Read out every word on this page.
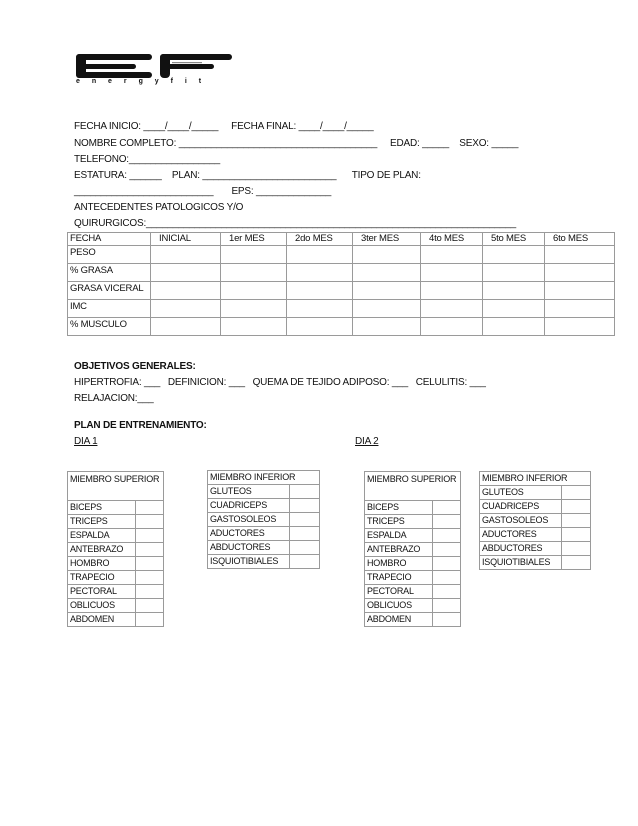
e n e r g y f i t
FECHA INICIO: ____/____/_____     FECHA FINAL: ____/____/_____
NOMBRE COMPLETO: _____________________________________     EDAD: _____    SEXO: _____
TELEFONO:_________________
ESTATURA: ______    PLAN: _________________________      TIPO DE PLAN:
__________________________       EPS: ______________
ANTECEDENTES PATOLOGICOS Y/O
QUIRURGICOS:_____________________________________________________________________
FECHA	INICIAL	1er MES	2do MES	3ter MES	4to MES	5to MES	6to MES
PESO							
% GRASA							
GRASA VICERAL							
IMC							
% MUSCULO							
OBJETIVOS GENERALES:
HIPERTROFIA: ___   DEFINICION: ___   QUEMA DE TEJIDO ADIPOSO: ___   CELULITIS: ___
RELAJACION:___
PLAN DE ENTRENAMIENTO:
DIA 1	DIA 2
MIEMBRO SUPERIOR	
BICEPS	
TRICEPS	
ESPALDA	
ANTEBRAZO	
HOMBRO	
TRAPECIO	
PECTORAL	
OBLICUOS	
ABDOMEN	
MIEMBRO INFERIOR	
GLUTEOS	
CUADRICEPS	
GASTOSOLEOS	
ADUCTORES	
ABDUCTORES	
ISQUIOTIBIALES	
MIEMBRO SUPERIOR	
BICEPS	
TRICEPS	
ESPALDA	
ANTEBRAZO	
HOMBRO	
TRAPECIO	
PECTORAL	
OBLICUOS	
ABDOMEN	
MIEMBRO INFERIOR	
GLUTEOS	
CUADRICEPS	
GASTOSOLEOS	
ADUCTORES	
ABDUCTORES	
ISQUIOTIBIALES	
